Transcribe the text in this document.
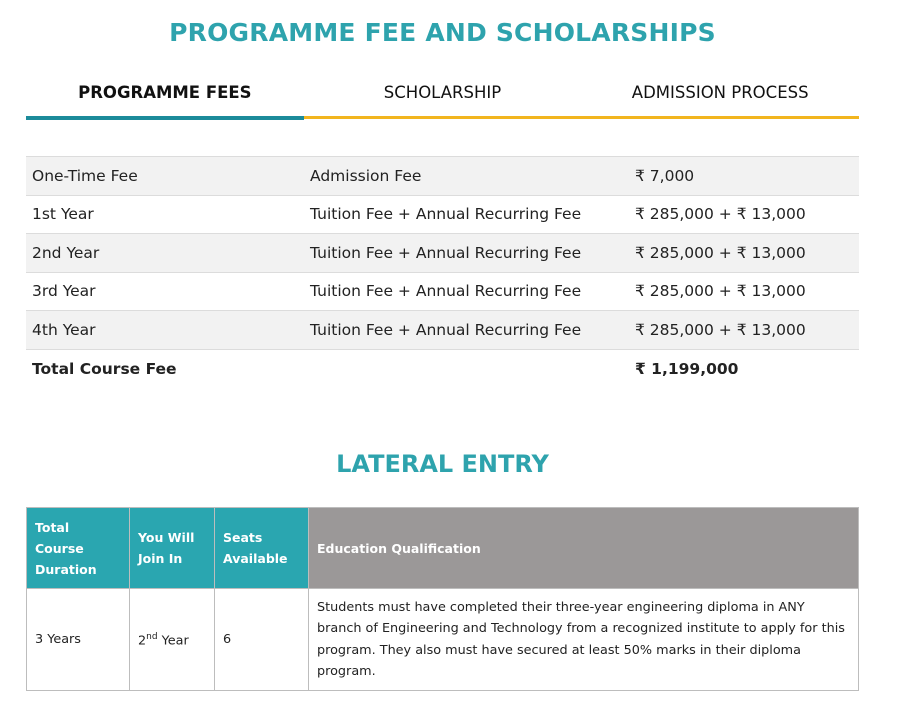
PROGRAMME FEE AND SCHOLARSHIPS
PROGRAMME FEES	SCHOLARSHIP	ADMISSION PROCESS
One-Time Fee	Admission Fee	₹ 7,000
1st Year	Tuition Fee + Annual Recurring Fee	₹ 285,000 + ₹ 13,000
2nd Year	Tuition Fee + Annual Recurring Fee	₹ 285,000 + ₹ 13,000
3rd Year	Tuition Fee + Annual Recurring Fee	₹ 285,000 + ₹ 13,000
4th Year	Tuition Fee + Annual Recurring Fee	₹ 285,000 + ₹ 13,000
Total Course Fee		₹ 1,199,000
LATERAL ENTRY
Total Course Duration	You Will Join In	Seats Available	Education Qualification
3 Years	2nd Year	6	Students must have completed their three-year engineering diploma in ANY branch of Engineering and Technology from a recognized institute to apply for this program. They also must have secured at least 50% marks in their diploma program.
